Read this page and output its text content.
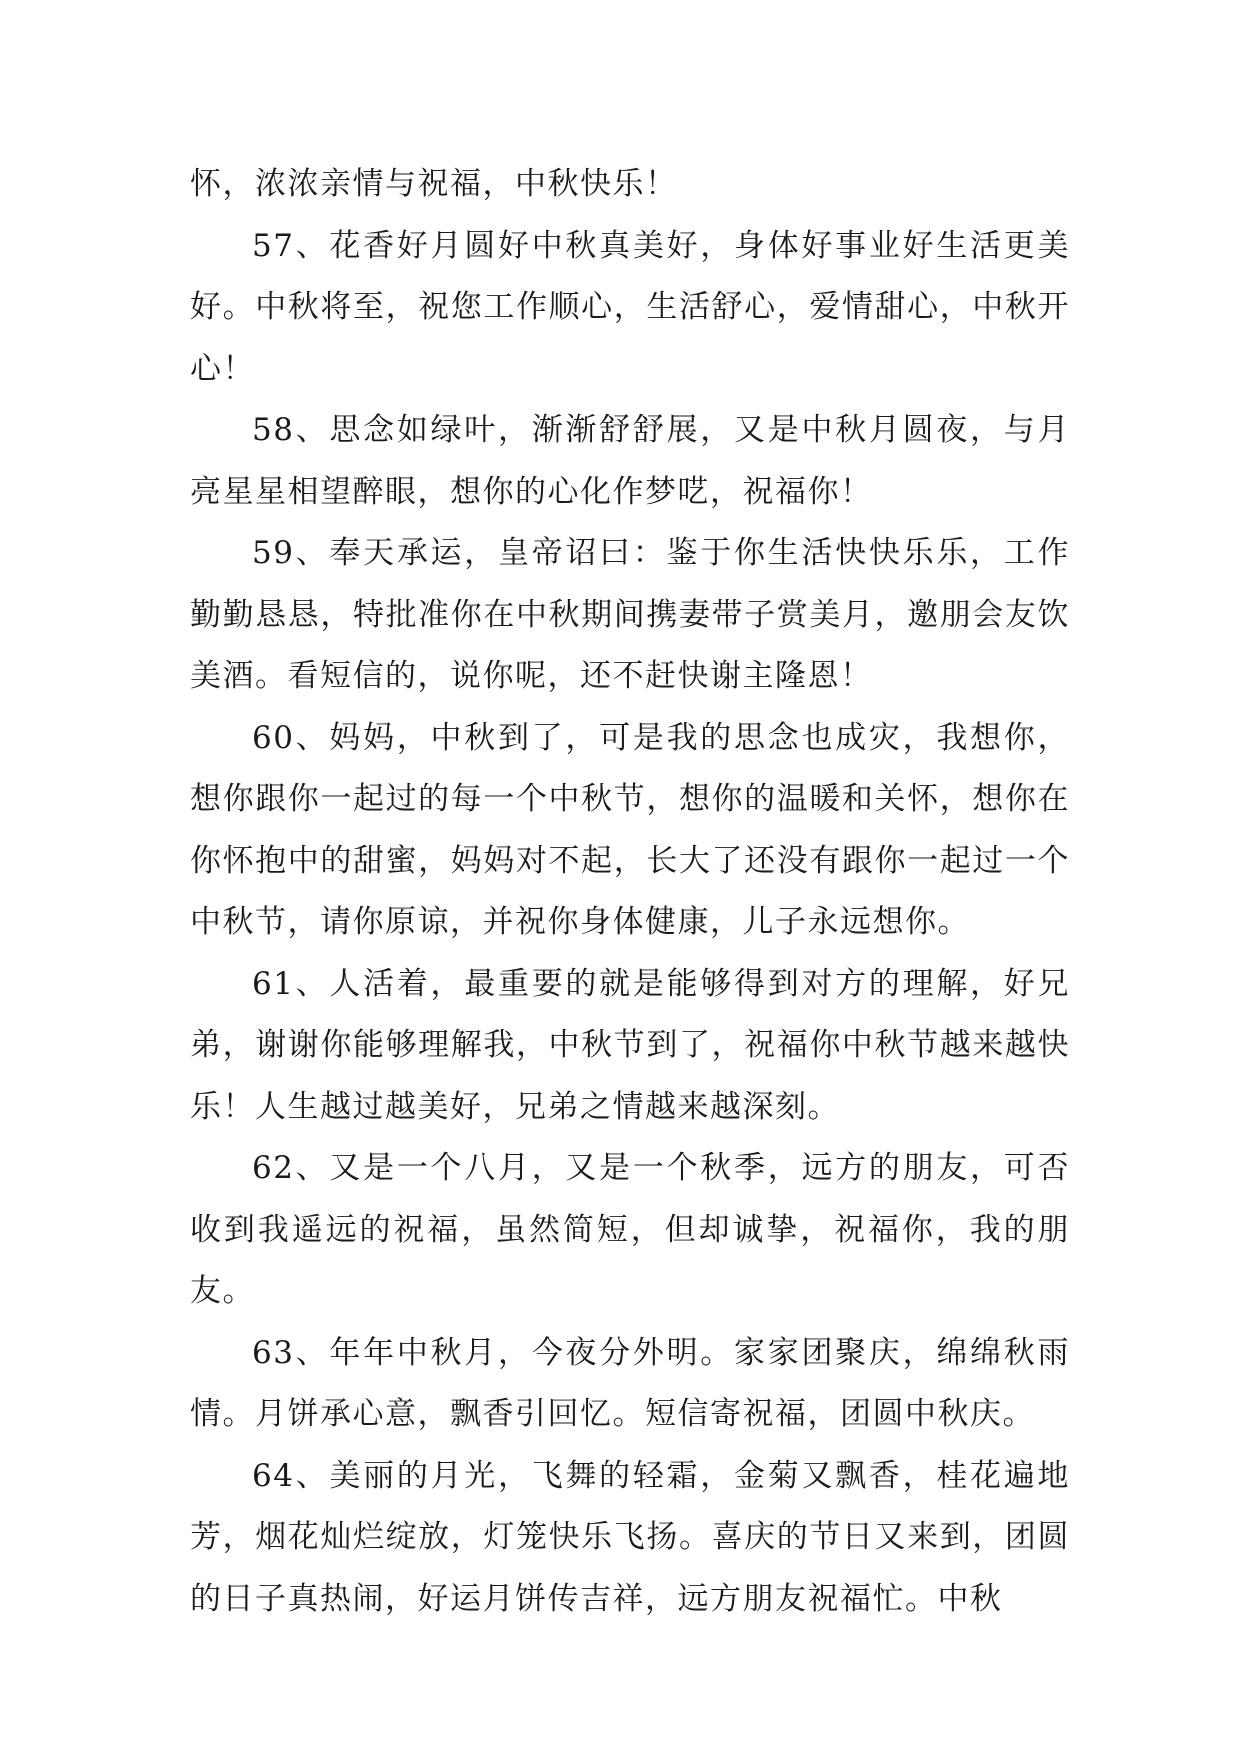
怀，浓浓亲情与祝福，中秋快乐！

57、花香好月圆好中秋真美好，身体好事业好生活更美好。中秋将至，祝您工作顺心，生活舒心，爱情甜心，中秋开心！

58、思念如绿叶，渐渐舒舒展，又是中秋月圆夜，与月亮星星相望醉眼，想你的心化作梦呓，祝福你！

59、奉天承运，皇帝诏曰：鉴于你生活快快乐乐，工作勤勤恳恳，特批准你在中秋期间携妻带子赏美月，邀朋会友饮美酒。看短信的，说你呢，还不赶快谢主隆恩！

60、妈妈，中秋到了，可是我的思念也成灾，我想你，想你跟你一起过的每一个中秋节，想你的温暖和关怀，想你在你怀抱中的甜蜜，妈妈对不起，长大了还没有跟你一起过一个中秋节，请你原谅，并祝你身体健康，儿子永远想你。

61、人活着，最重要的就是能够得到对方的理解，好兄弟，谢谢你能够理解我，中秋节到了，祝福你中秋节越来越快乐！人生越过越美好，兄弟之情越来越深刻。

62、又是一个八月，又是一个秋季，远方的朋友，可否收到我遥远的祝福，虽然简短，但却诚挚，祝福你，我的朋友。

63、年年中秋月，今夜分外明。家家团聚庆，绵绵秋雨情。月饼承心意，飘香引回忆。短信寄祝福，团圆中秋庆。

64、美丽的月光，飞舞的轻霜，金菊又飘香，桂花遍地芳，烟花灿烂绽放，灯笼快乐飞扬。喜庆的节日又来到，团圆的日子真热闹，好运月饼传吉祥，远方朋友祝福忙。中秋
